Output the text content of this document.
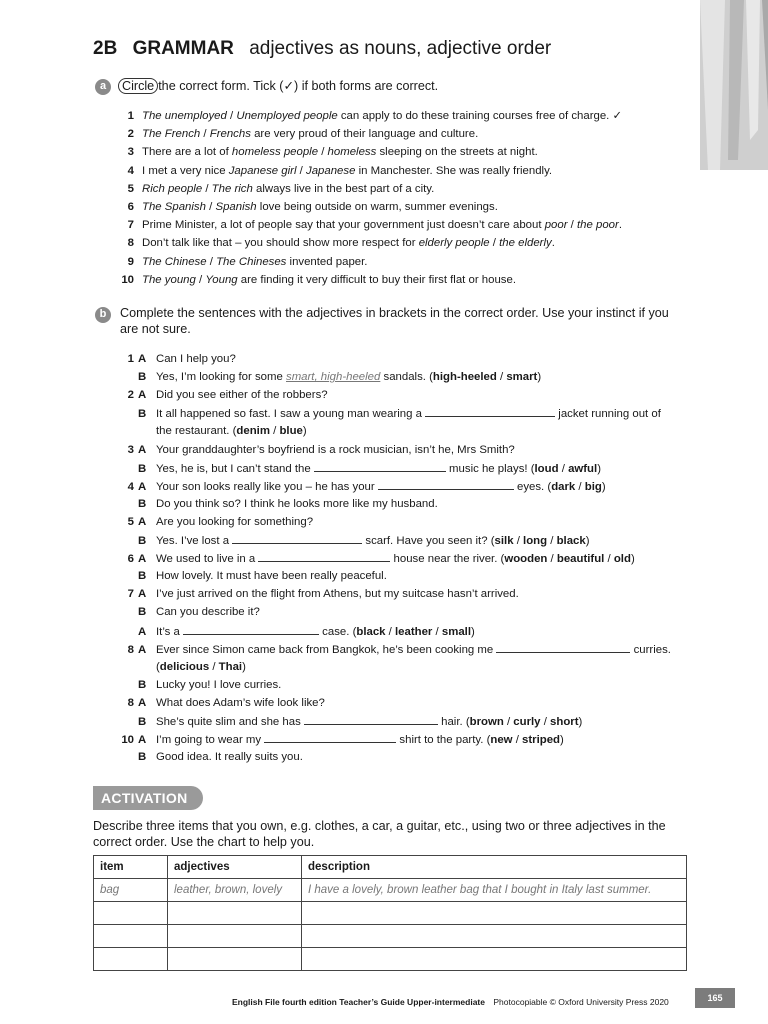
2B GRAMMAR adjectives as nouns, adjective order
a	Circle the correct form. Tick (✓) if both forms are correct.
1 The unemployed / Unemployed people can apply to do these training courses free of charge. ✓
2 The French / Frenchs are very proud of their language and culture.
3 There are a lot of homeless people / homeless sleeping on the streets at night.
4 I met a very nice Japanese girl / Japanese in Manchester. She was really friendly.
5 Rich people / The rich always live in the best part of a city.
6 The Spanish / Spanish love being outside on warm, summer evenings.
7 Prime Minister, a lot of people say that your government just doesn’t care about poor / the poor.
8 Don’t talk like that – you should show more respect for elderly people / the elderly.
9 The Chinese / The Chineses invented paper.
10 The young / Young are finding it very difficult to buy their first flat or house.
b	Complete the sentences with the adjectives in brackets in the correct order. Use your instinct if you
are not sure.
1 A Can I help you?
B Yes, I’m looking for some smart, high-heeled sandals. (high-heeled / smart)
2 A Did you see either of the robbers?
B It all happened so fast. I saw a young man wearing a	jacket running out of
the restaurant. (denim / blue)
3 A Your granddaughter’s boyfriend is a rock musician, isn’t he, Mrs Smith?
B Yes, he is, but I can’t stand the	music he plays! (loud / awful)
4 A Your son looks really like you – he has your	eyes. (dark / big)
B Do you think so? I think he looks more like my husband.
5 A Are you looking for something?
B Yes. I’ve lost a	scarf. Have you seen it? (silk / long / black)
6 A We used to live in a	house near the river. (wooden / beautiful / old)
B How lovely. It must have been really peaceful.
7 A I’ve just arrived on the flight from Athens, but my suitcase hasn’t arrived.
B Can you describe it?
A It’s a	case. (black / leather / small)
8 A Ever since Simon came back from Bangkok, he’s been cooking me	curries.
(delicious / Thai)
B Lucky you! I love curries.
8 A What does Adam’s wife look like?
B She’s quite slim and she has	hair. (brown / curly / short)
10 A I’m going to wear my	shirt to the party. (new / striped)
B Good idea. It really suits you.
ACTIVATION
Describe three items that you own, e.g. clothes, a car, a guitar, etc., using two or three adjectives in the
correct order. Use the chart to help you.
item	adjectives	description
bag	leather, brown, lovely	I have a lovely, brown leather bag that I bought in Italy last summer.

English File fourth edition Teacher’s Guide Upper-intermediate Photocopiable © Oxford University Press 2020	165
